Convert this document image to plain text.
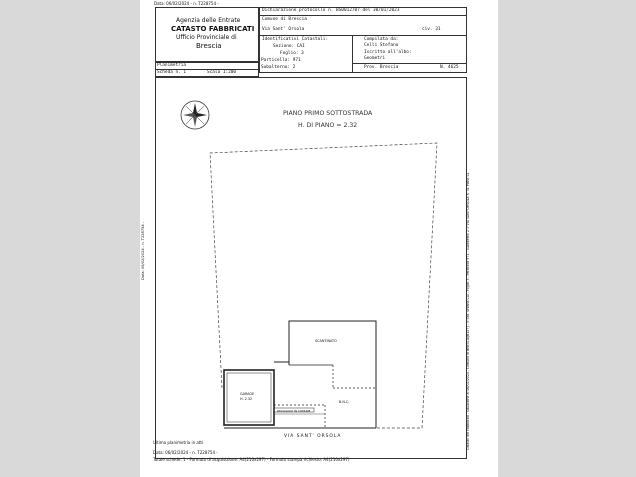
Data: 06/02/2024 - n. T228754 -
Agenzia delle Entrate
CATASTO FABBRICATI
Ufficio Provinciale di
Brescia
Dichiarazione protocollo n. BS0012707 del 30/01/2023
Comune di Brescia
Via Sant' Orsola	civ. 31
Identificativi Catastali:
Sezione: CAI
Foglio: 3
Particella: 971
Subalterno: 2
Compilata da:
Celli Stefano
Iscritto all'albo:
Geometri
Prov. Brescia	N. 4625
Planimetria
Scheda n. 1	Scala 1:200
PIANO PRIMO SOTTOSTRADA
H. DI PIANO = 2.32
SCANTINATO
GARAGE
H. 2.32
PASSAGGIO IN COMUNE
B.N.C.
VIA SANT' ORSOLA
Ultima planimetria in atti
Data: 06/02/2024 - n. T228754 -
Totale schede: 1 - Formato di acquisizione: A4(210x297) - Formato stampa richiesto: A4(210x297)
Data: 06/02/2024 - n. T228754 -	Catasto dei Fabbricati - Situazione al 06/02/2024 - Comune di BRESCIA(B157) - < Sez. urbana CAI - Foglio 3 - Particella 971 - Subalterno 2 > VIA SANT'ORSOLA n. 31 Piano S1
